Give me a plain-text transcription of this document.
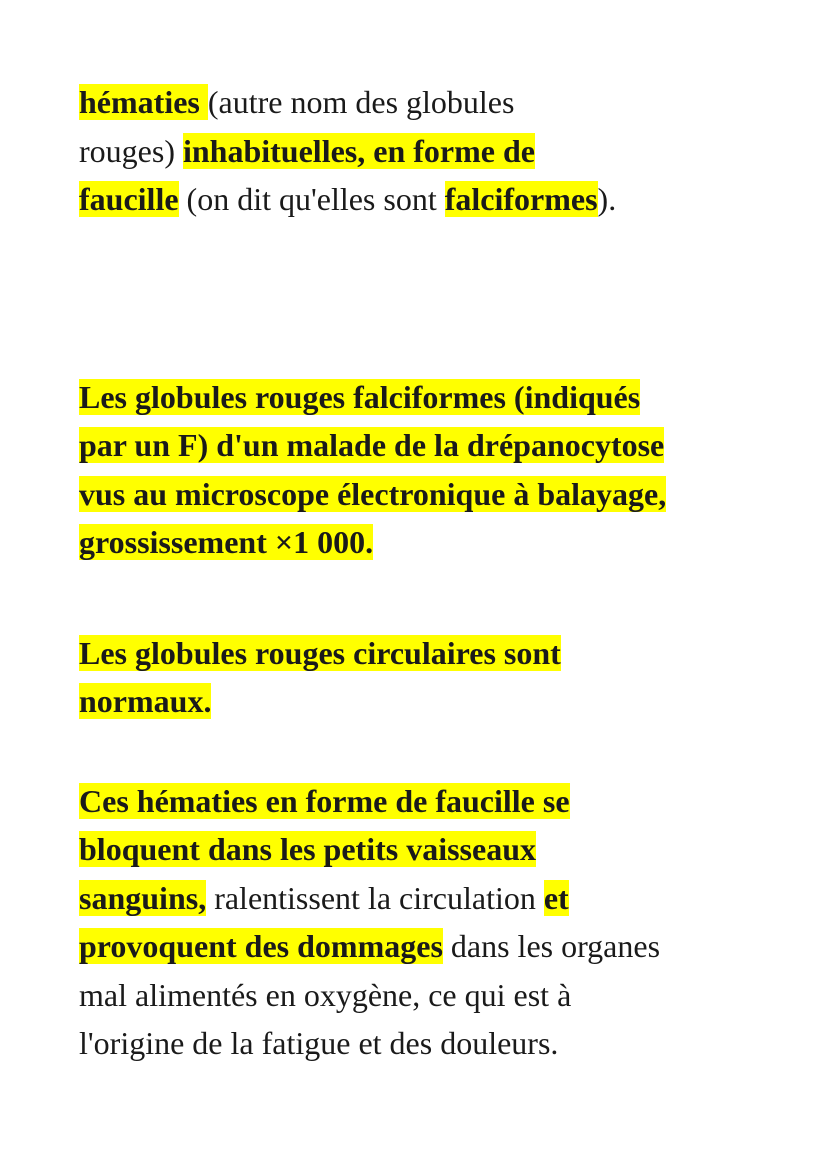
hématies (autre nom des globules
rouges) inhabituelles, en forme de
faucille (on dit qu'elles sont falciformes).

Les globules rouges falciformes (indiqués
par un F) d'un malade de la drépanocytose
vus au microscope électronique à balayage,
grossissement ×1 000.

Les globules rouges circulaires sont
normaux.

Ces hématies en forme de faucille se
bloquent dans les petits vaisseaux
sanguins, ralentissent la circulation et
provoquent des dommages dans les organes
mal alimentés en oxygène, ce qui est à
l'origine de la fatigue et des douleurs.
